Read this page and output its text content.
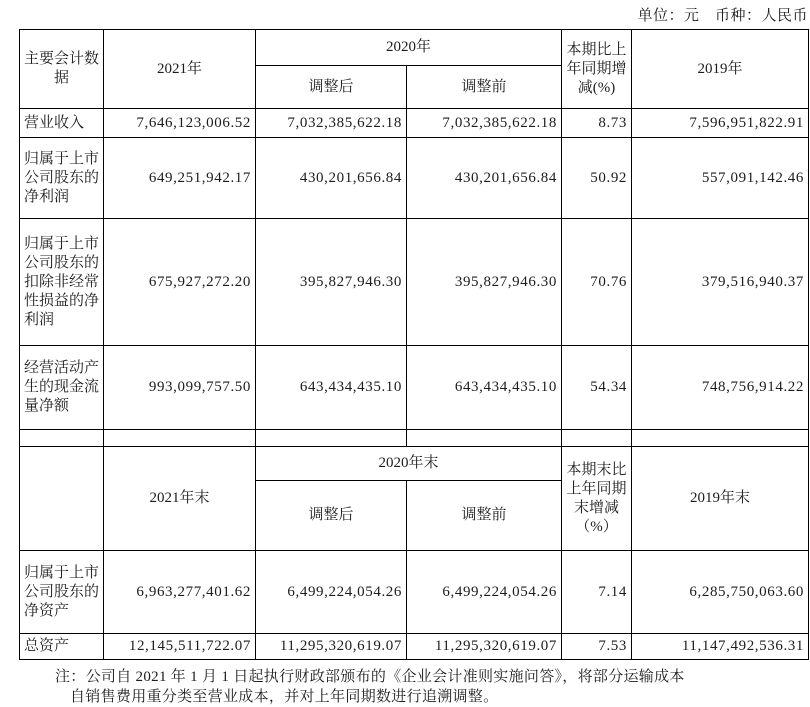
单位：元　币种：人民币
主要会计数据	2021年	2020年		本期比上年同期增减(%)	2019年
		调整后	调整前		
营业收入	7,646,123,006.52	7,032,385,622.18	7,032,385,622.18	8.73	7,596,951,822.91
归属于上市公司股东的净利润	649,251,942.17	430,201,656.84	430,201,656.84	50.92	557,091,142.46
归属于上市公司股东的扣除非经常性损益的净利润	675,927,272.20	395,827,946.30	395,827,946.30	70.76	379,516,940.37
经营活动产生的现金流量净额	993,099,757.50	643,434,435.10	643,434,435.10	54.34	748,756,914.22

	2021年末	2020年末		本期末比上年同期末增减（%）	2019年末
		调整后	调整前		
归属于上市公司股东的净资产	6,963,277,401.62	6,499,224,054.26	6,499,224,054.26	7.14	6,285,750,063.60
总资产	12,145,511,722.07	11,295,320,619.07	11,295,320,619.07	7.53	11,147,492,536.31
注：公司自 2021 年 1 月 1 日起执行财政部颁布的《企业会计准则实施问答》，将部分运输成本
自销售费用重分类至营业成本，并对上年同期数进行追溯调整。
